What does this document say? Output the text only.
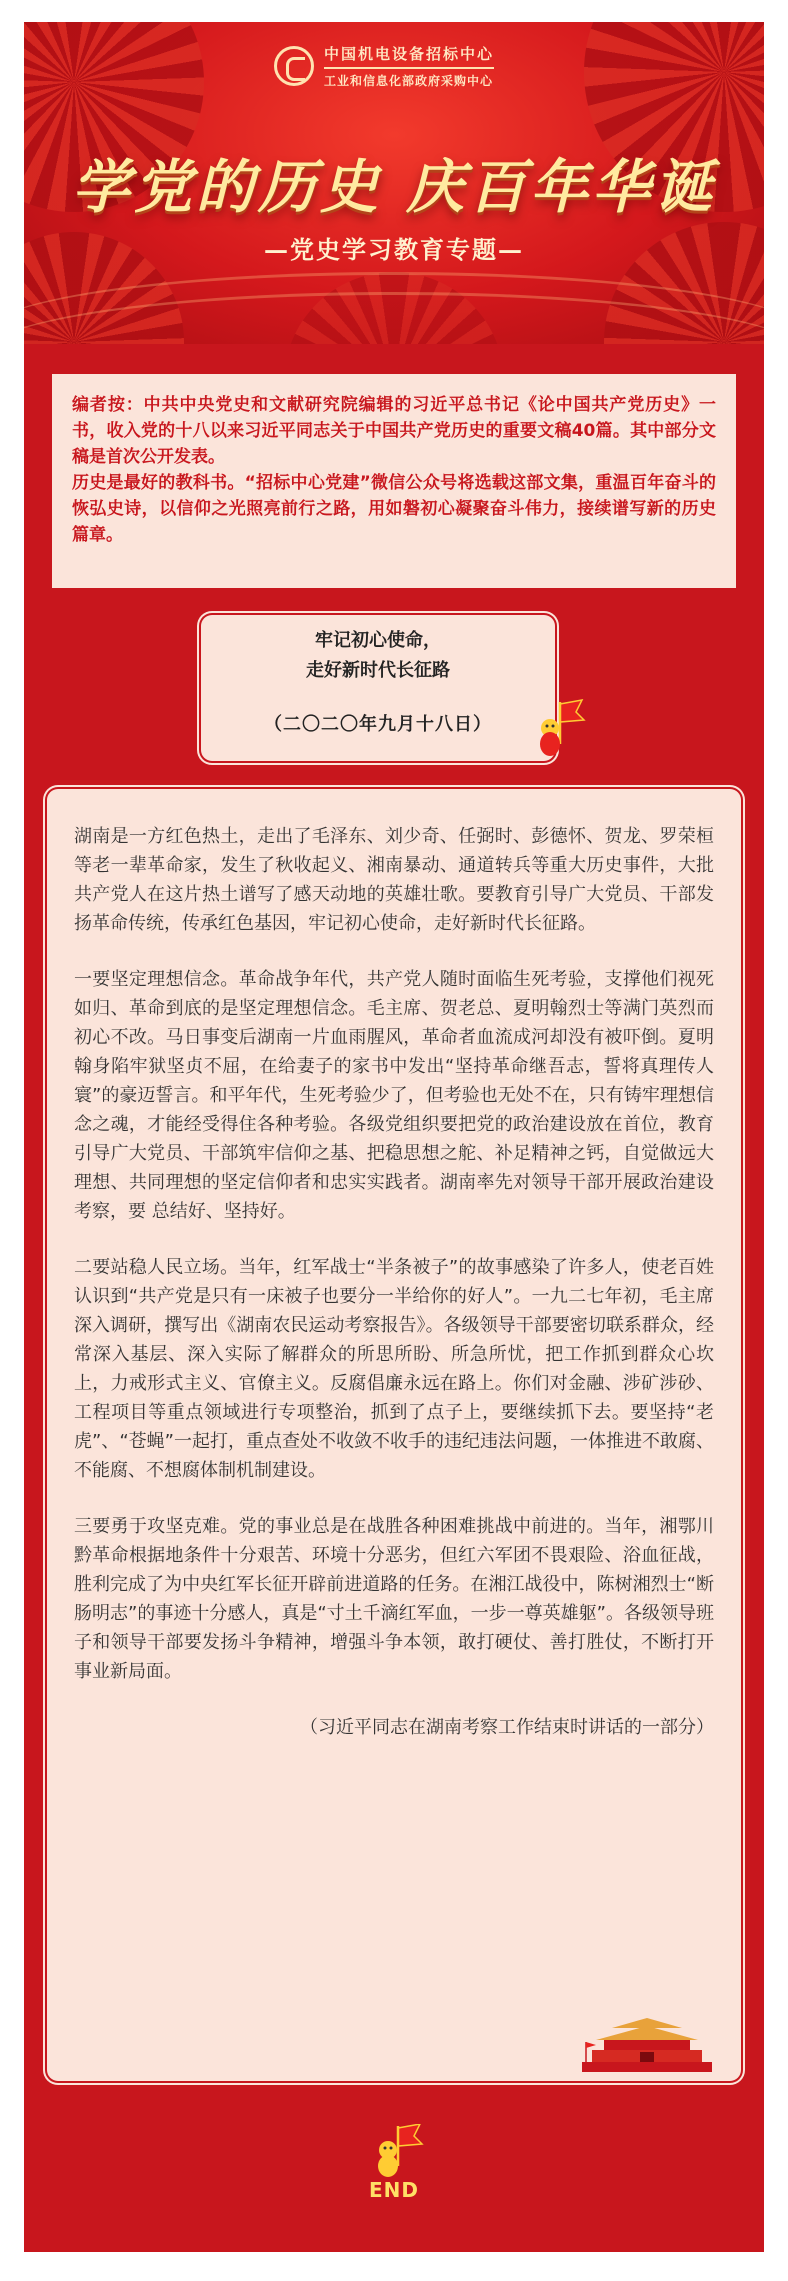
中国机电设备招标中心
工业和信息化部政府采购中心
学党的历史 庆百年华诞
—党史学习教育专题—

编者按：中共中央党史和文献研究院编辑的习近平总书记《论中国共产党历史》一书，收入党的十八以来习近平同志关于中国共产党历史的重要文稿40篇。其中部分文稿是首次公开发表。

历史是最好的教科书。“招标中心党建”微信公众号将选载这部文集，重温百年奋斗的恢弘史诗，以信仰之光照亮前行之路，用如磐初心凝聚奋斗伟力，接续谱写新的历史篇章。

牢记初心使命，
走好新时代长征路
（二〇二〇年九月十八日）

湖南是一方红色热土，走出了毛泽东、刘少奇、任弼时、彭德怀、贺龙、罗荣桓等老一辈革命家，发生了秋收起义、湘南暴动、通道转兵等重大历史事件，大批共产党人在这片热土谱写了感天动地的英雄壮歌。要教育引导广大党员、干部发扬革命传统，传承红色基因，牢记初心使命，走好新时代长征路。

一要坚定理想信念。革命战争年代，共产党人随时面临生死考验，支撑他们视死如归、革命到底的是坚定理想信念。毛主席、贺老总、夏明翰烈士等满门英烈而初心不改。马日事变后湖南一片血雨腥风，革命者血流成河却没有被吓倒。夏明翰身陷牢狱坚贞不屈，在给妻子的家书中发出“坚持革命继吾志，誓将真理传人寰”的豪迈誓言。和平年代，生死考验少了，但考验也无处不在，只有铸牢理想信念之魂，才能经受得住各种考验。各级党组织要把党的政治建设放在首位，教育引导广大党员、干部筑牢信仰之基、把稳思想之舵、补足精神之钙，自觉做远大理想、共同理想的坚定信仰者和忠实实践者。湖南率先对领导干部开展政治建设考察，要 总结好、坚持好。

二要站稳人民立场。当年，红军战士“半条被子”的故事感染了许多人，使老百姓认识到“共产党是只有一床被子也要分一半给你的好人”。一九二七年初，毛主席深入调研，撰写出《湖南农民运动考察报告》。各级领导干部要密切联系群众，经常深入基层、深入实际了解群众的所思所盼、所急所忧，把工作抓到群众心坎上，力戒形式主义、官僚主义。反腐倡廉永远在路上。你们对金融、涉矿涉砂、工程项目等重点领域进行专项整治，抓到了点子上，要继续抓下去。要坚持“老虎”、“苍蝇”一起打，重点查处不收敛不收手的违纪违法问题，一体推进不敢腐、不能腐、不想腐体制机制建设。

三要勇于攻坚克难。党的事业总是在战胜各种困难挑战中前进的。当年，湘鄂川黔革命根据地条件十分艰苦、环境十分恶劣，但红六军团不畏艰险、浴血征战，胜利完成了为中央红军长征开辟前进道路的任务。在湘江战役中，陈树湘烈士“断肠明志”的事迹十分感人，真是“寸土千滴红军血，一步一尊英雄躯”。各级领导班子和领导干部要发扬斗争精神，增强斗争本领，敢打硬仗、善打胜仗，不断打开事业新局面。

（习近平同志在湖南考察工作结束时讲话的一部分）

END
